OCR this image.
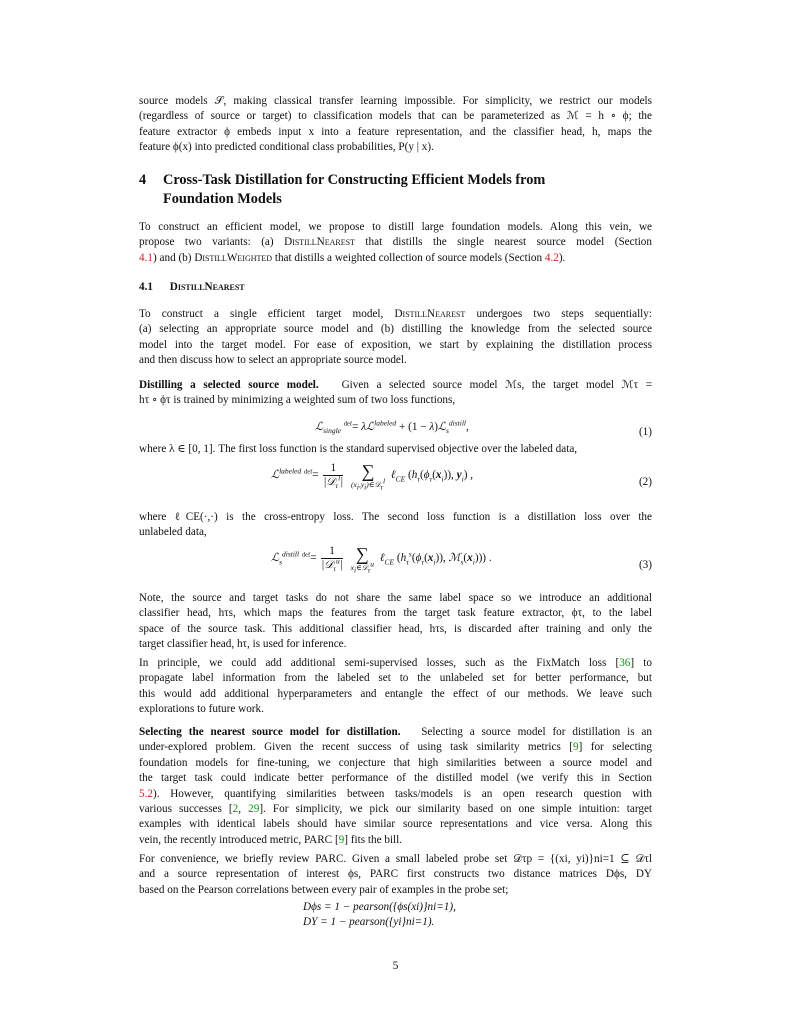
source models 𝒮, making classical transfer learning impossible. For simplicity, we restrict our models
(regardless of source or target) to classification models that can be parameterized as ℳ = h ∘ ϕ; the
feature extractor ϕ embeds input x into a feature representation, and the classifier head, h, maps the
feature ϕ(x) into predicted conditional class probabilities, P(y | x).
4 Cross-Task Distillation for Constructing Efficient Models from
Foundation Models
To construct an efficient model, we propose to distill large foundation models. Along this vein, we
propose two variants: (a) DistillNearest that distills the single nearest source model (Section
4.1) and (b) DistillWeighted that distills a weighted collection of source models (Section 4.2).
4.1 DistillNearest
To construct a single efficient target model, DistillNearest undergoes two steps sequentially:
(a) selecting an appropriate source model and (b) distilling the knowledge from the selected source
model into the target model. For ease of exposition, we start by explaining the distillation process
and then discuss how to select an appropriate source model.
Distilling a selected source model. Given a selected source model ℳs, the target model ℳτ =
hτ ∘ ϕτ is trained by minimizing a weighted sum of two loss functions,
ℒ$_{single}$ $^{def}$= λℒ$^{labeled}$ + (1 − λ)ℒ$_s^{distill}$,	(1)
where λ ∈ [0, 1]. The first loss function is the standard supervised objective over the labeled data,
ℒ$^{labeled}$ $^{def}= \frac{1}{|𝒟_\tau^l|}$
	∑
$(x_i,y_i)\in 𝒟_\tau^l$ ℓ$_{CE}$ ($h_\tau(\phi_\tau(x_i))$, $y_i$) ,
(2)
where ℓCE(·,·) is the cross-entropy loss. The second loss function is a distillation loss over the
unlabeled data,
ℒ$_s^{distill}$ $^{def}= \frac{1}{|𝒟_\tau^u|}$
∑
$x_i\in 𝒟_\tau^u$ ℓ$_{CE}$ ($h_\tau^s(\phi_\tau(x_i))$, $ℳ_s(x_i)$)) .
(3)
Note, the source and target tasks do not share the same label space so we introduce an additional
classifier head, hτs, which maps the features from the target task feature extractor, ϕτ, to the label
space of the source task. This additional classifier head, hτs, is discarded after training and only the
target classifier head, hτ, is used for inference.
In principle, we could add additional semi-supervised losses, such as the FixMatch loss [36] to
propagate label information from the labeled set to the unlabeled set for better performance, but
this would add additional hyperparameters and entangle the effect of our methods. We leave such
explorations to future work.
Selecting the nearest source model for distillation. Selecting a source model for distillation is an
under-explored problem. Given the recent success of using task similarity metrics [9] for selecting
foundation models for fine-tuning, we conjecture that high similarities between a source model and
the target task could indicate better performance of the distilled model (we verify this in Section
5.2). However, quantifying similarities between tasks/models is an open research question with
various successes [2, 29]. For simplicity, we pick our similarity based on one simple intuition: target
examples with identical labels should have similar source representations and vice versa. Along this
vein, the recently introduced metric, PARC [9] fits the bill.
For convenience, we briefly review PARC. Given a small labeled probe set 𝒟τp = {(xi, yi)}ni=1 ⊆ 𝒟τl
and a source representation of interest ϕs, PARC first constructs two distance matrices Dϕs, DY
based on the Pearson correlations between every pair of examples in the probe set;
Dϕs = 1 − pearson({ϕs(xi)}ni=1),
DY = 1 − pearson({yi}ni=1).
5
